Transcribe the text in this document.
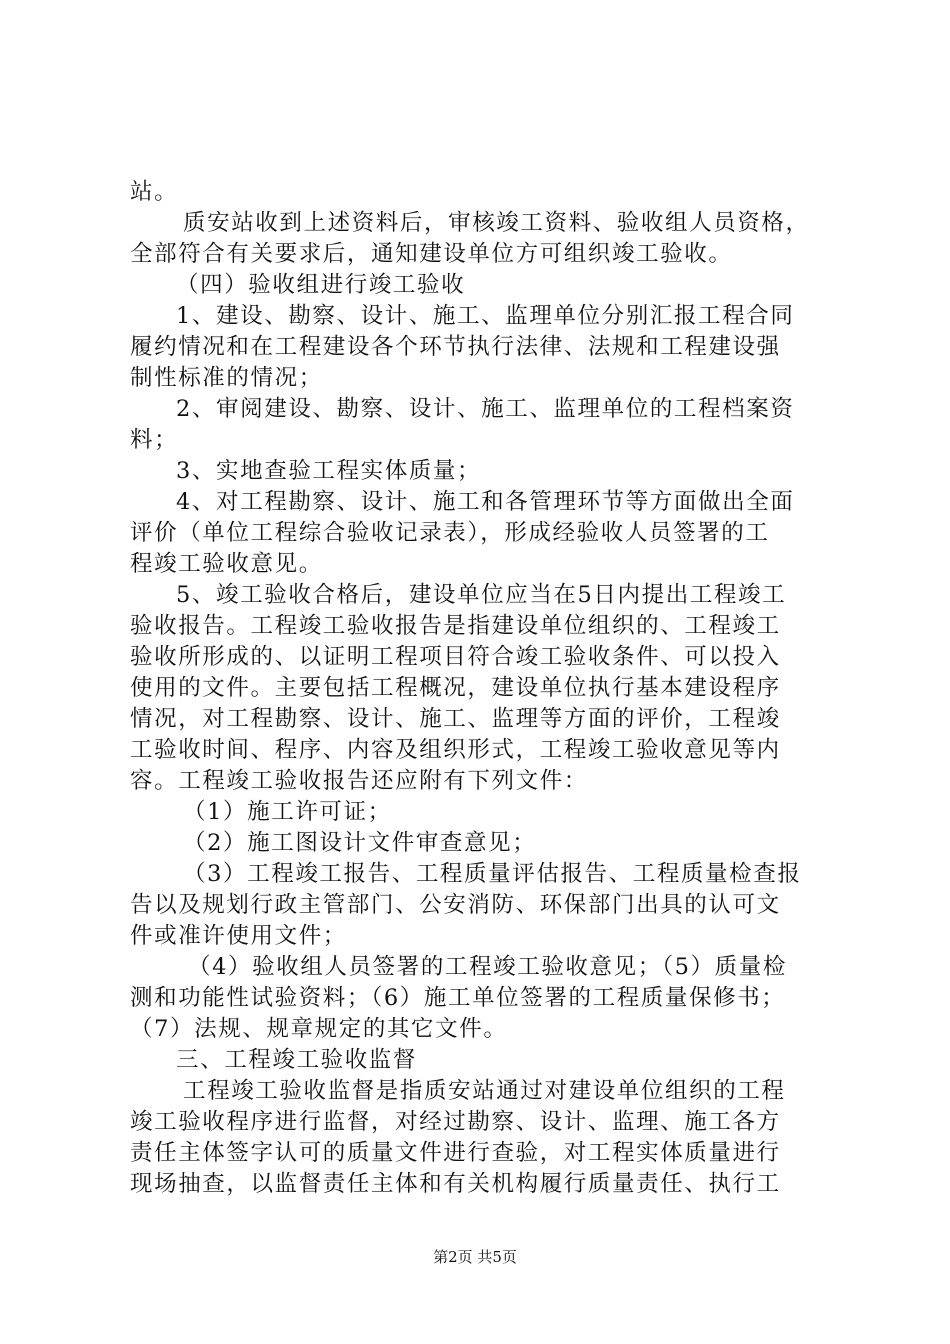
站。
质安站收到上述资料后，审核竣工资料、验收组人员资格，
全部符合有关要求后，通知建设单位方可组织竣工验收。
（四）验收组进行竣工验收
1、建设、勘察、设计、施工、监理单位分别汇报工程合同
履约情况和在工程建设各个环节执行法律、法规和工程建设强
制性标准的情况；
2、审阅建设、勘察、设计、施工、监理单位的工程档案资
料；
3、实地查验工程实体质量；
4、对工程勘察、设计、施工和各管理环节等方面做出全面
评价（单位工程综合验收记录表），形成经验收人员签署的工
程竣工验收意见。
5、竣工验收合格后，建设单位应当在5日内提出工程竣工
验收报告。工程竣工验收报告是指建设单位组织的、工程竣工
验收所形成的、以证明工程项目符合竣工验收条件、可以投入
使用的文件。主要包括工程概况，建设单位执行基本建设程序
情况，对工程勘察、设计、施工、监理等方面的评价，工程竣
工验收时间、程序、内容及组织形式，工程竣工验收意见等内
容。工程竣工验收报告还应附有下列文件：
（1）施工许可证；
（2）施工图设计文件审查意见；
（3）工程竣工报告、工程质量评估报告、工程质量检查报
告以及规划行政主管部门、公安消防、环保部门出具的认可文
件或准许使用文件；
（4）验收组人员签署的工程竣工验收意见；（5）质量检
测和功能性试验资料；（6）施工单位签署的工程质量保修书；
（7）法规、规章规定的其它文件。
三、工程竣工验收监督
工程竣工验收监督是指质安站通过对建设单位组织的工程
竣工验收程序进行监督，对经过勘察、设计、监理、施工各方
责任主体签字认可的质量文件进行查验，对工程实体质量进行
现场抽查，以监督责任主体和有关机构履行质量责任、执行工
第2页 共5页
